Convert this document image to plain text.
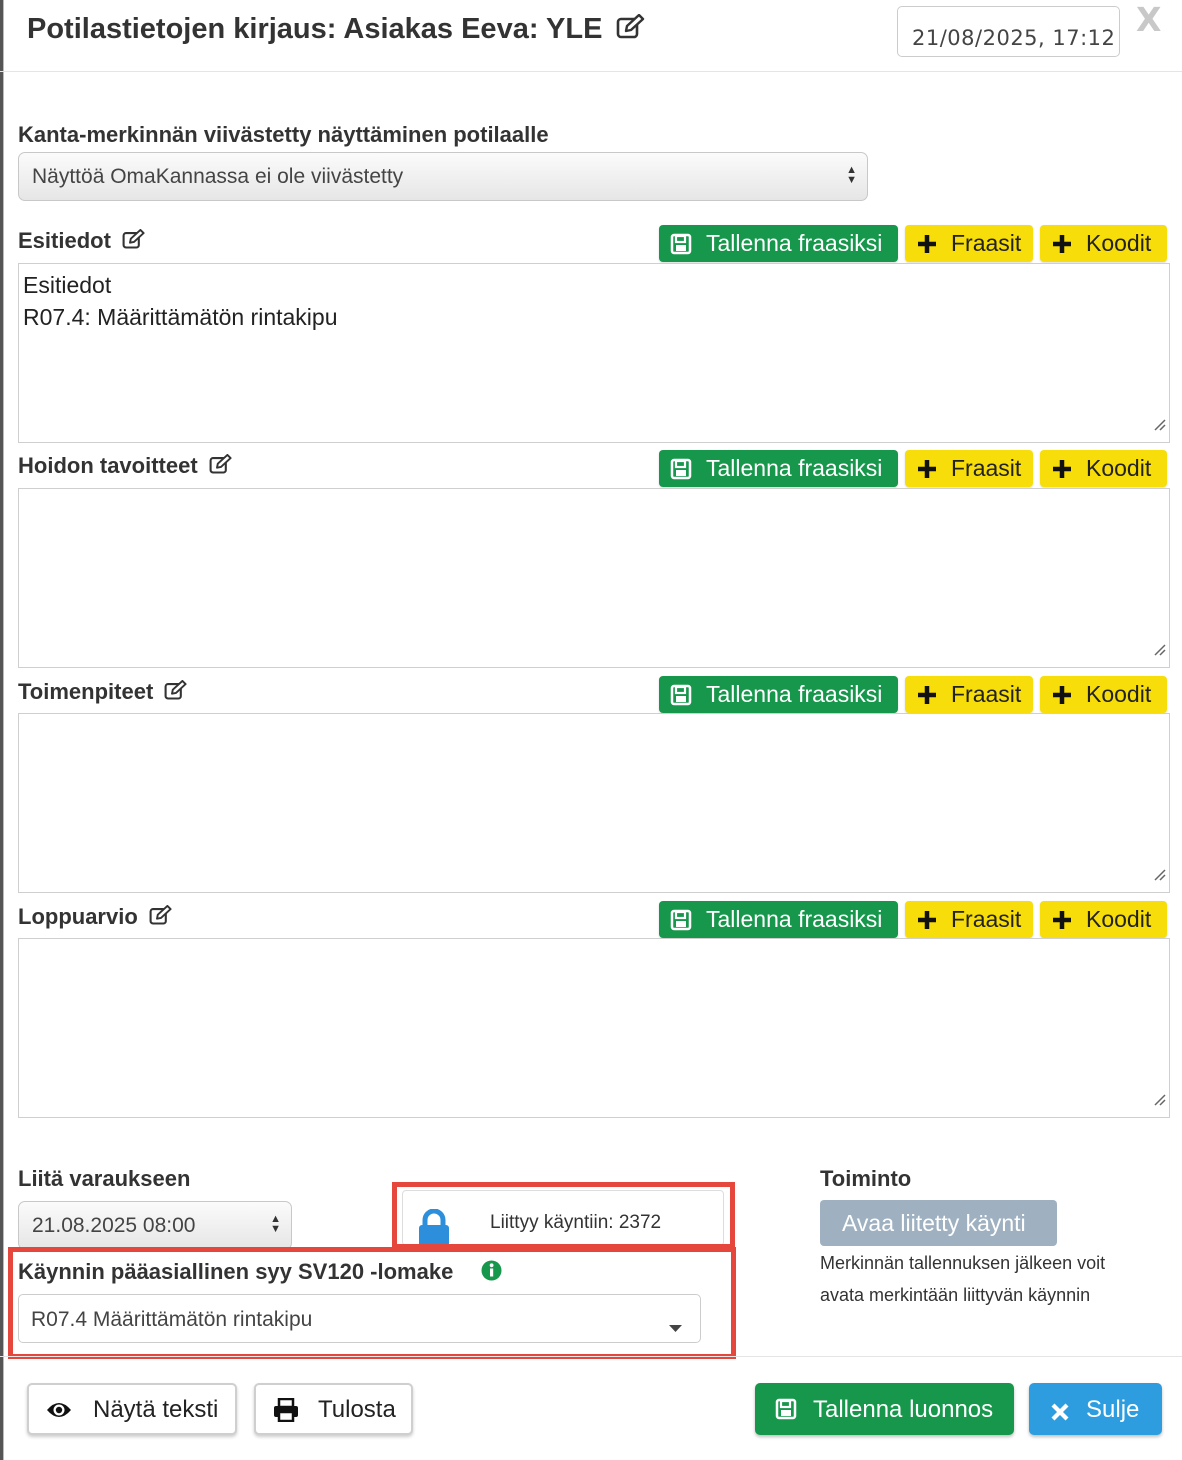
Potilastietojen kirjaus: Asiakas Eeva: YLE	21/08/2025, 17:12 X
Kanta-merkinnän viivästetty näyttäminen potilaalle
Näyttöä OmaKannassa ei ole viivästetty	▲
▼
Esitiedot	Tallenna fraasiksi	Fraasit	Koodit
Esitiedot
R07.4: Määrittämätön rintakipu
Hoidon tavoitteet	Tallenna fraasiksi	Fraasit	Koodit
Toimenpiteet	Tallenna fraasiksi	Fraasit	Koodit
Loppuarvio	Tallenna fraasiksi	Fraasit	Koodit
Liitä varaukseen
21.08.2025 08:00	▲
▼	Liittyy käyntiin: 2372
Käynnin pääasiallinen syy SV120 -lomake
R07.4 Määrittämätön rintakipu
Toiminto
Avaa liitetty käynti
Merkinnän tallennuksen jälkeen voit
avata merkintään liittyvän käynnin
Näytä teksti	Tulosta	Tallenna luonnos	Sulje
